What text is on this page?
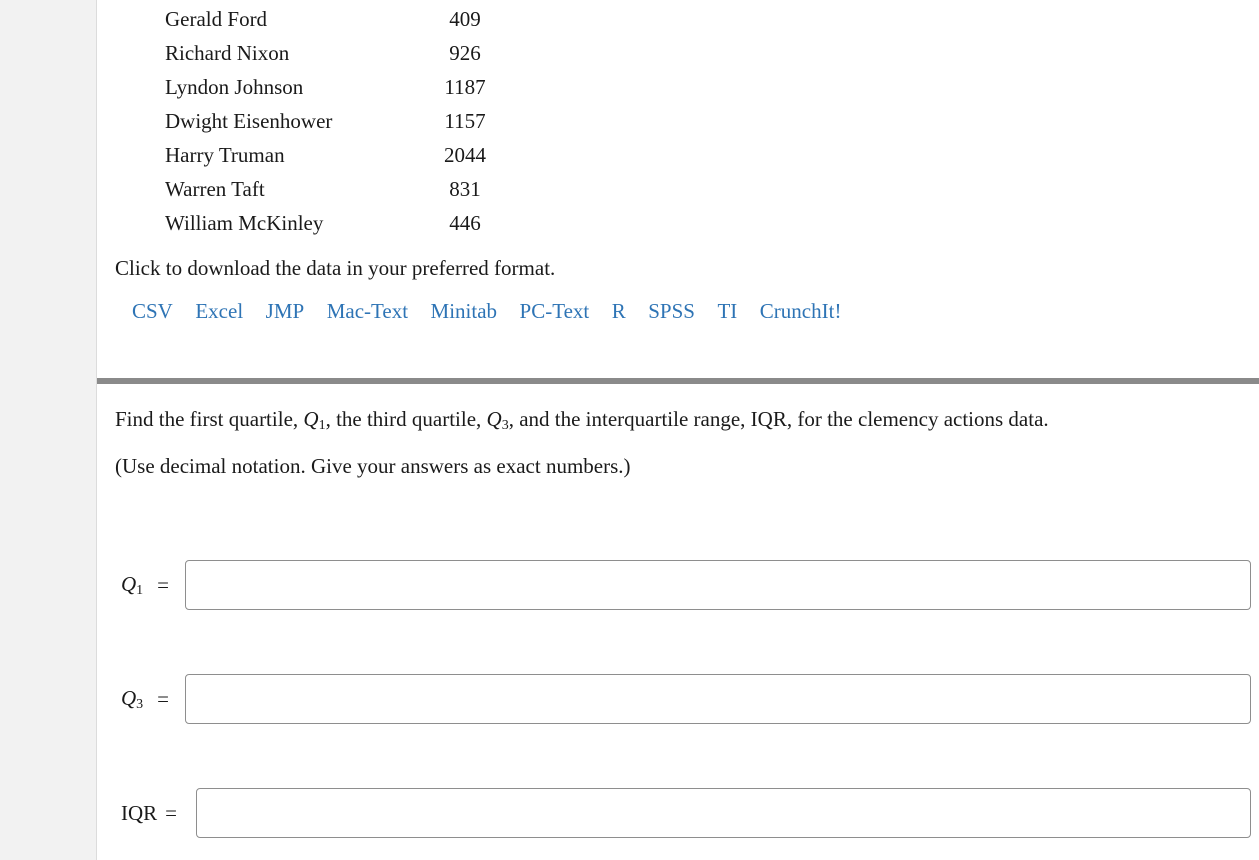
Gerald Ford	409
Richard Nixon	926
Lyndon Johnson	1187
Dwight Eisenhower	1157
Harry Truman	2044
Warren Taft	831
William McKinley	446
Click to download the data in your preferred format.
CSV Excel JMP Mac-Text Minitab PC-Text R SPSS TI CrunchIt!
Find the first quartile, $Q_1$, the third quartile, $Q_3$, and the interquartile range, IQR, for the clemency actions data.
(Use decimal notation. Give your answers as exact numbers.)
$Q_1$ =
$Q_3$ =
IQR =
